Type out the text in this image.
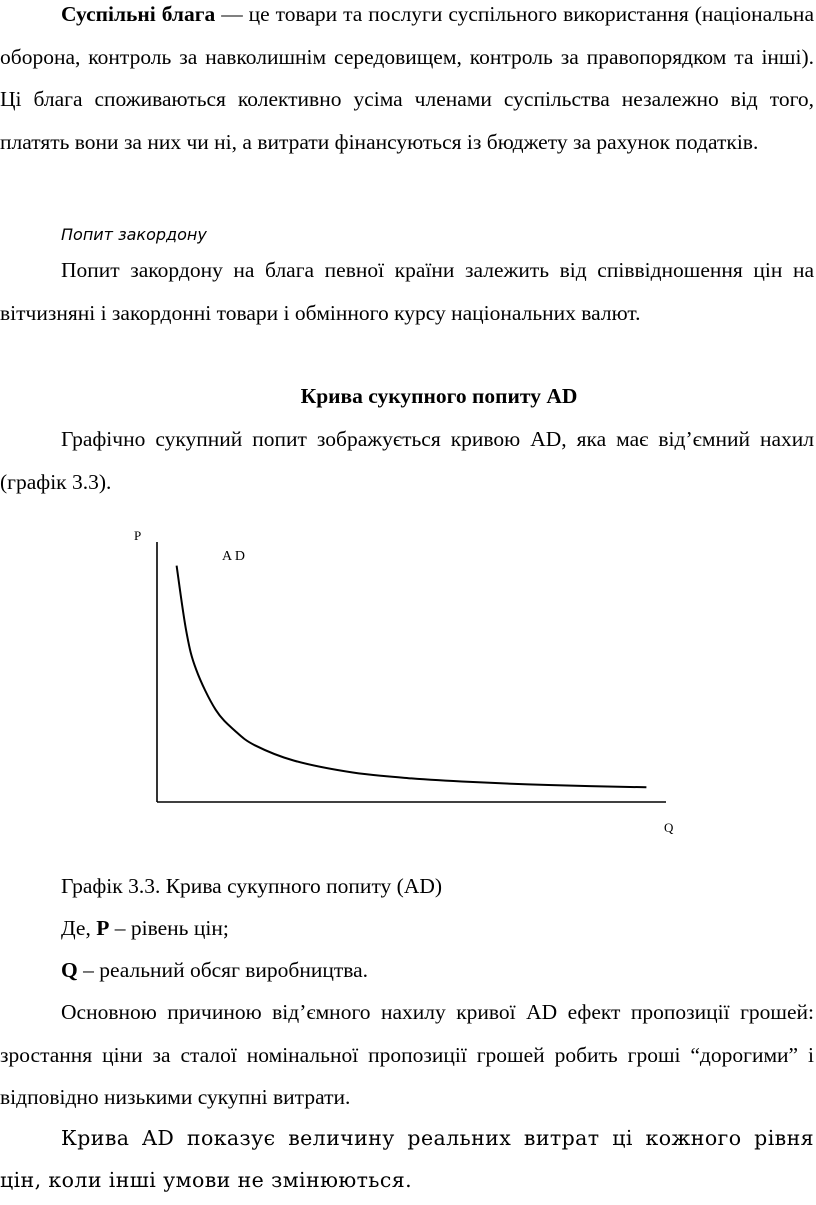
Суспільні блага — це товари та послуги суспільного використання (національна оборона, контроль за навколишнім середовищем, контроль за правопорядком та інші). Ці блага споживаються колективно усіма членами суспільства незалежно від того, платять вони за них чи ні, а витрати фінансуються із бюджету за рахунок податків.

Попит закордону

Попит закордону на блага певної країни залежить від співвідношення цін на вітчизняні і закордонні товари і обмінного курсу національних валют.

Крива сукупного попиту AD

Графічно сукупний попит зображується кривою AD, яка має від’ємний нахил (графік 3.3).

P
Q
A D
Графік 3.3. Крива сукупного попиту (AD)
Де, P – рівень цін;
Q – реальний обсяг виробництва.

Основною причиною від’ємного нахилу кривої AD ефект пропозиції грошей: зростання ціни за сталої номінальної пропозиції грошей робить гроші “дорогими” і відповідно низькими сукупні витрати.

Крива AD показує величину реальних витрат ці кожного рівня цін, коли інші умови не змінюються.
